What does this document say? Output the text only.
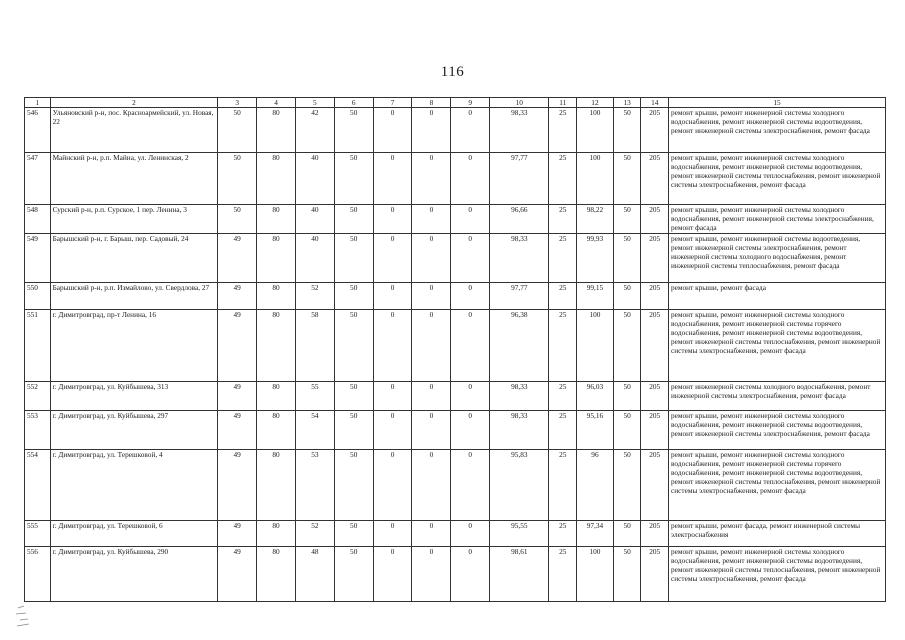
116
1	2	3	4	5	6	7	8	9	10	11	12	13	14	15
546	Ульяновский р-н, пос. Красноармейский, ул. Новая, 22	50	80	42	50	0	0	0	98,33	25	100	50	205	ремонт крыши, ремонт инженерной системы холодного водоснабжения, ремонт инженерной системы водоотведения, ремонт инженерной системы электроснабжения, ремонт фасада
547	Майнский р-н, р.п. Майна, ул. Ленинская, 2	50	80	40	50	0	0	0	97,77	25	100	50	205	ремонт крыши, ремонт инженерной системы холодного водоснабжения, ремонт инженерной системы водоотведения, ремонт инженерной системы теплоснабжения, ремонт инженерной системы электроснабжения, ремонт фасада
548	Сурский р-н, р.п. Сурское, 1 пер. Ленина, 3	50	80	40	50	0	0	0	96,66	25	98,22	50	205	ремонт крыши, ремонт инженерной системы холодного водоснабжения, ремонт инженерной системы электроснабжения, ремонт фасада
549	Барышский р-н, г. Барыш, пер. Садовый, 24	49	80	40	50	0	0	0	98,33	25	99,93	50	205	ремонт крыши, ремонт инженерной системы водоотведения, ремонт инженерной системы электроснабжения, ремонт инженерной системы холодного водоснабжения, ремонт инженерной системы теплоснабжения, ремонт фасада
550	Барышский р-н, р.п. Измайлово, ул. Свердлова, 27	49	80	52	50	0	0	0	97,77	25	99,15	50	205	ремонт крыши, ремонт фасада
551	г. Димитровград, пр-т Ленина, 16	49	80	58	50	0	0	0	96,38	25	100	50	205	ремонт крыши, ремонт инженерной системы холодного водоснабжения, ремонт инженерной системы горячего водоснабжения, ремонт инженерной системы водоотведения, ремонт инженерной системы теплоснабжения, ремонт инженерной системы электроснабжения, ремонт фасада
552	г. Димитровград, ул. Куйбышева, 313	49	80	55	50	0	0	0	98,33	25	96,03	50	205	ремонт инженерной системы холодного водоснабжения, ремонт инженерной системы электроснабжения, ремонт фасада
553	г. Димитровград, ул. Куйбышева, 297	49	80	54	50	0	0	0	98,33	25	95,16	50	205	ремонт крыши, ремонт инженерной системы холодного водоснабжения, ремонт инженерной системы водоотведения, ремонт инженерной системы электроснабжения, ремонт фасада
554	г. Димитровград, ул. Терешковой, 4	49	80	53	50	0	0	0	95,83	25	96	50	205	ремонт крыши, ремонт инженерной системы холодного водоснабжения, ремонт инженерной системы горячего водоснабжения, ремонт инженерной системы водоотведения, ремонт инженерной системы теплоснабжения, ремонт инженерной системы электроснабжения, ремонт фасада
555	г. Димитровград, ул. Терешковой, 6	49	80	52	50	0	0	0	95,55	25	97,34	50	205	ремонт крыши, ремонт фасада, ремонт инженерной системы электроснабжения
556	г. Димитровград, ул. Куйбышева, 290	49	80	48	50	0	0	0	98,61	25	100	50	205	ремонт крыши, ремонт инженерной системы холодного водоснабжения, ремонт инженерной системы водоотведения, ремонт инженерной системы теплоснабжения, ремонт инженерной системы электроснабжения, ремонт фасада
